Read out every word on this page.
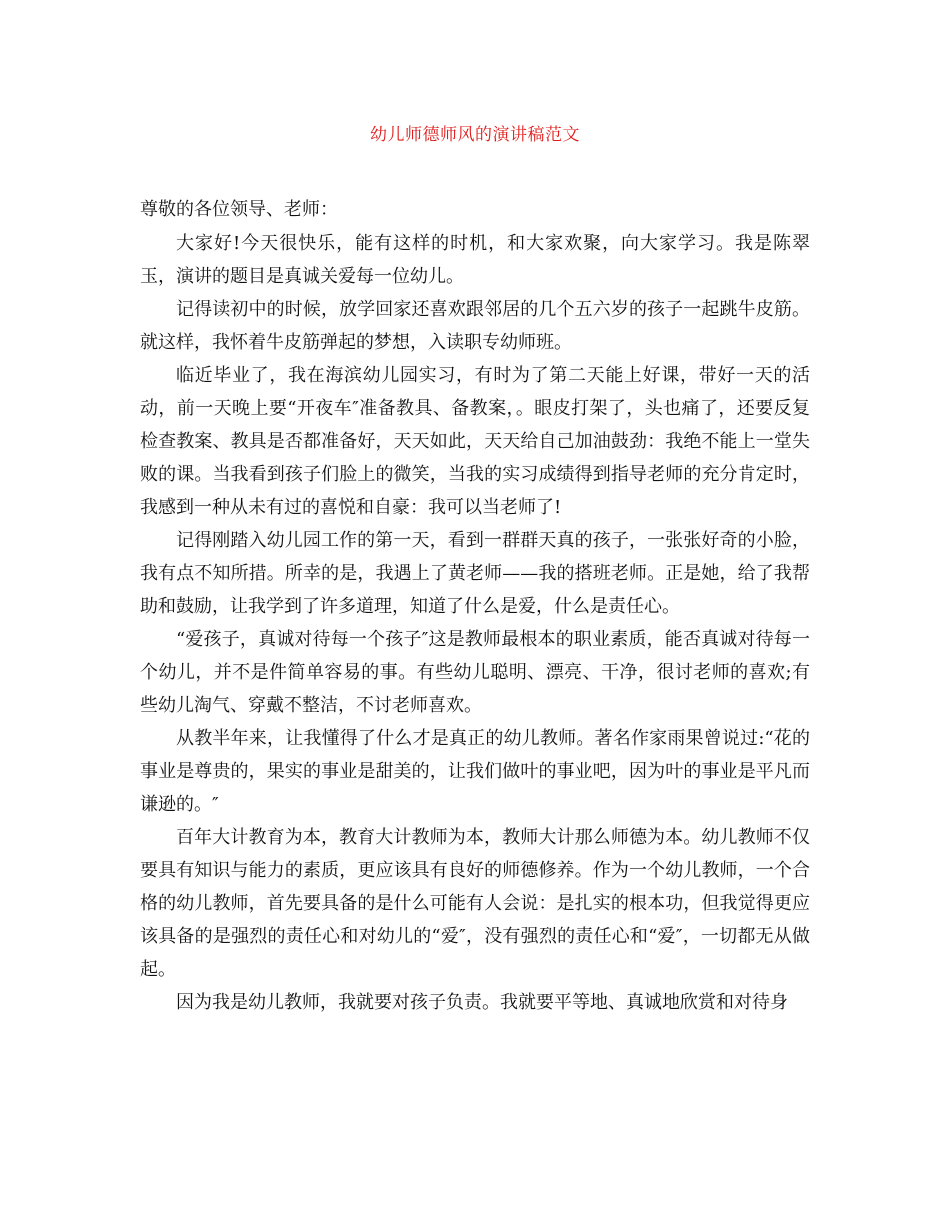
幼儿师德师风的演讲稿范文

尊敬的各位领导、老师：

大家好!今天很快乐，能有这样的时机，和大家欢聚，向大家学习。我是陈翠玉，演讲的题目是真诚关爱每一位幼儿。

记得读初中的时候，放学回家还喜欢跟邻居的几个五六岁的孩子一起跳牛皮筋。就这样，我怀着牛皮筋弹起的梦想，入读职专幼师班。

临近毕业了，我在海滨幼儿园实习，有时为了第二天能上好课，带好一天的活动，前一天晚上要“开夜车″准备教具、备教案，。眼皮打架了，头也痛了，还要反复检查教案、教具是否都准备好，天天如此，天天给自己加油鼓劲：我绝不能上一堂失败的课。当我看到孩子们脸上的微笑，当我的实习成绩得到指导老师的充分肯定时，我感到一种从未有过的喜悦和自豪：我可以当老师了!

记得刚踏入幼儿园工作的第一天，看到一群群天真的孩子，一张张好奇的小脸，我有点不知所措。所幸的是，我遇上了黄老师——我的搭班老师。正是她，给了我帮助和鼓励，让我学到了许多道理，知道了什么是爱，什么是责任心。

“爱孩子，真诚对待每一个孩子″这是教师最根本的职业素质，能否真诚对待每一个幼儿，并不是件简单容易的事。有些幼儿聪明、漂亮、干净，很讨老师的喜欢;有些幼儿淘气、穿戴不整洁，不讨老师喜欢。

从教半年来，让我懂得了什么才是真正的幼儿教师。著名作家雨果曾说过:“花的事业是尊贵的，果实的事业是甜美的，让我们做叶的事业吧，因为叶的事业是平凡而谦逊的。″

百年大计教育为本，教育大计教师为本，教师大计那么师德为本。幼儿教师不仅要具有知识与能力的素质，更应该具有良好的师德修养。作为一个幼儿教师，一个合格的幼儿教师，首先要具备的是什么可能有人会说：是扎实的根本功，但我觉得更应该具备的是强烈的责任心和对幼儿的“爱″，没有强烈的责任心和“爱″，一切都无从做起。

因为我是幼儿教师，我就要对孩子负责。我就要平等地、真诚地欣赏和对待身
